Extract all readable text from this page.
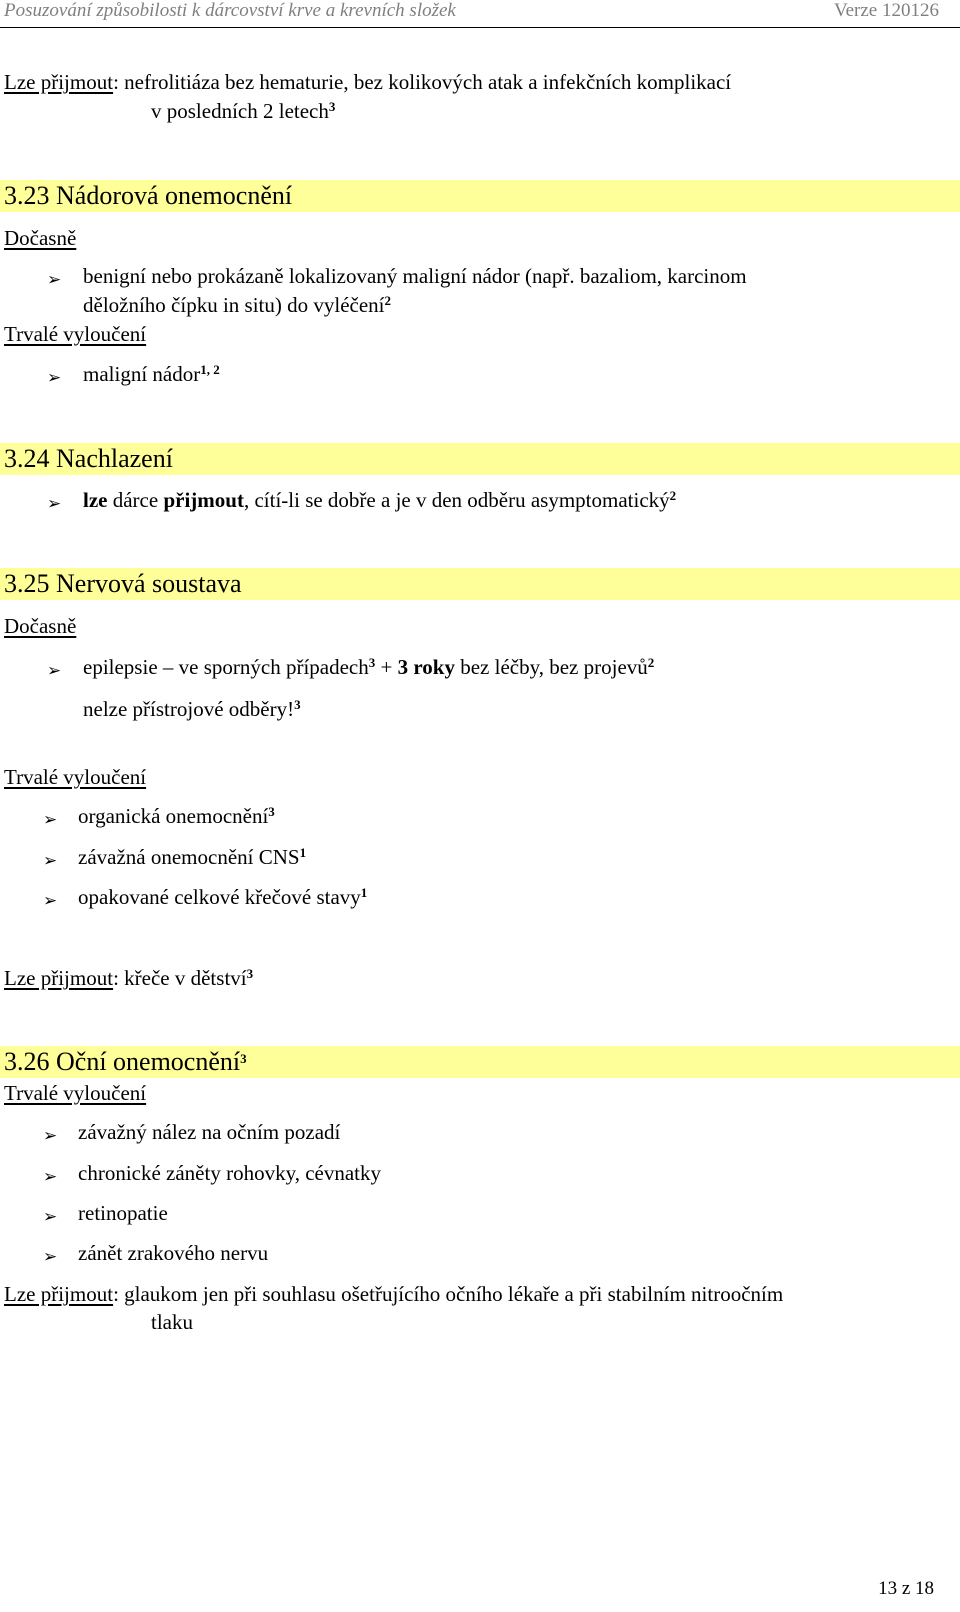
Posuzování způsobilosti k dárcovství krve a krevních složek	Verze 120126
Lze přijmout: nefrolitiáza bez hematurie, bez kolikových atak a infekčních komplikací
v posledních 2 letech$^3$
3.23 Nádorová onemocnění
Dočasně
➢ benigní nebo prokázaně lokalizovaný maligní nádor (např. bazaliom, karcinom
děložního čípku in situ) do vyléčení$^2$
Trvalé vyloučení
➢ maligní nádor$^{1, 2}$
3.24 Nachlazení
➢ lze dárce přijmout, cítí-li se dobře a je v den odběru asymptomatický$^2$
3.25 Nervová soustava
Dočasně
➢ epilepsie – ve sporných případech$^3$ + 3 roky bez léčby, bez projevů$^2$
nelze přístrojové odběry!$^3$
Trvalé vyloučení
➢ organická onemocnění$^3$
➢ závažná onemocnění CNS$^1$
➢ opakované celkové křečové stavy$^1$
Lze přijmout: křeče v dětství$^3$
3.26 Oční onemocnění$^3$
Trvalé vyloučení
➢ závažný nález na očním pozadí
➢ chronické záněty rohovky, cévnatky
➢ retinopatie
➢ zánět zrakového nervu
Lze přijmout: glaukom jen při souhlasu ošetřujícího očního lékaře a při stabilním nitroočním
tlaku
13 z 18
